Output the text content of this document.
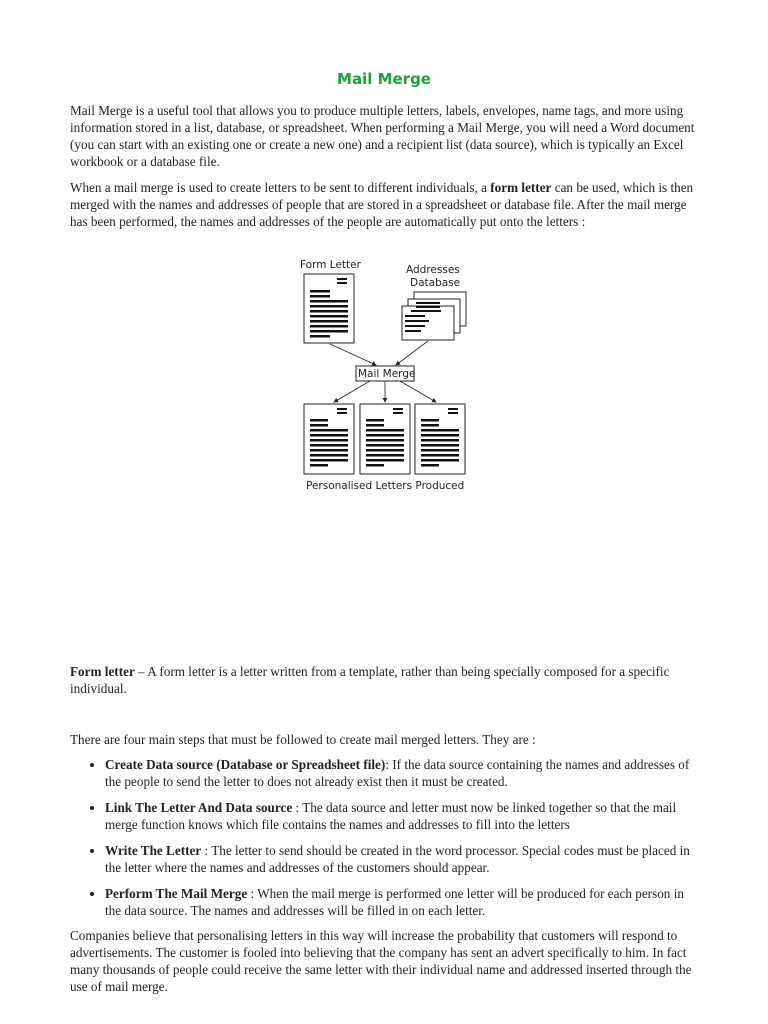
Mail Merge

Mail Merge is a useful tool that allows you to produce multiple letters, labels, envelopes, name tags, and more using information stored in a list, database, or spreadsheet. When performing a Mail Merge, you will need a Word document (you can start with an existing one or create a new one) and a recipient list (data source), which is typically an Excel workbook or a database file.

When a mail merge is used to create letters to be sent to different individuals, a form letter can be used, which is then merged with the names and addresses of people that are stored in a spreadsheet or database file. After the mail merge has been performed, the names and addresses of the people are automatically put onto the letters :

Form Letter	Addresses
Database
Mail Merge
Personalised Letters Produced

Form letter – A form letter is a letter written from a template, rather than being specially composed for a specific individual.

There are four main steps that must be followed to create mail merged letters. They are :

• Create Data source (Database or Spreadsheet file): If the data source containing the names and addresses of the people to send the letter to does not already exist then it must be created.
• Link The Letter And Data source : The data source and letter must now be linked together so that the mail merge function knows which file contains the names and addresses to fill into the letters
• Write The Letter : The letter to send should be created in the word processor. Special codes must be placed in the letter where the names and addresses of the customers should appear.
• Perform The Mail Merge : When the mail merge is performed one letter will be produced for each person in the data source. The names and addresses will be filled in on each letter.

Companies believe that personalising letters in this way will increase the probability that customers will respond to advertisements. The customer is fooled into believing that the company has sent an advert specifically to him. In fact many thousands of people could receive the same letter with their individual name and addressed inserted through the use of mail merge.
